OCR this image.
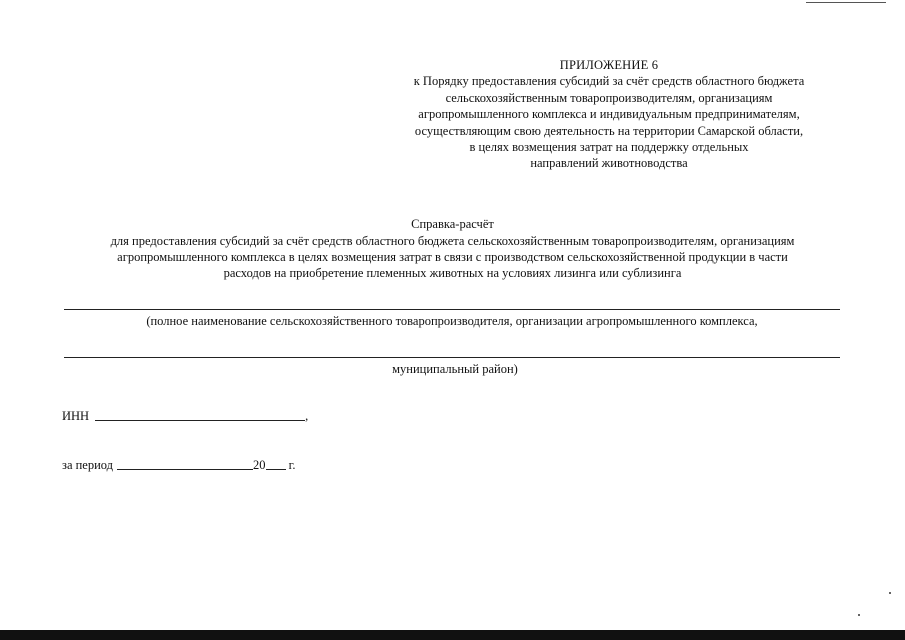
ПРИЛОЖЕНИЕ 6
к Порядку предоставления субсидий за счёт средств областного бюджета
сельскохозяйственным товаропроизводителям, организациям
агропромышленного комплекса и индивидуальным предпринимателям,
осуществляющим свою деятельность на территории Самарской области,
в целях возмещения затрат на поддержку отдельных
направлений животноводства
Справка-расчёт
для предоставления субсидий за счёт средств областного бюджета сельскохозяйственным товаропроизводителям, организациям
агропромышленного комплекса в целях возмещения затрат в связи с производством сельскохозяйственной продукции в части
расходов на приобретение племенных животных на условиях лизинга или сублизинга
(полное наименование сельскохозяйственного товаропроизводителя, организации агропромышленного комплекса,
муниципальный район)
ИНН	,
за период	20 г.
